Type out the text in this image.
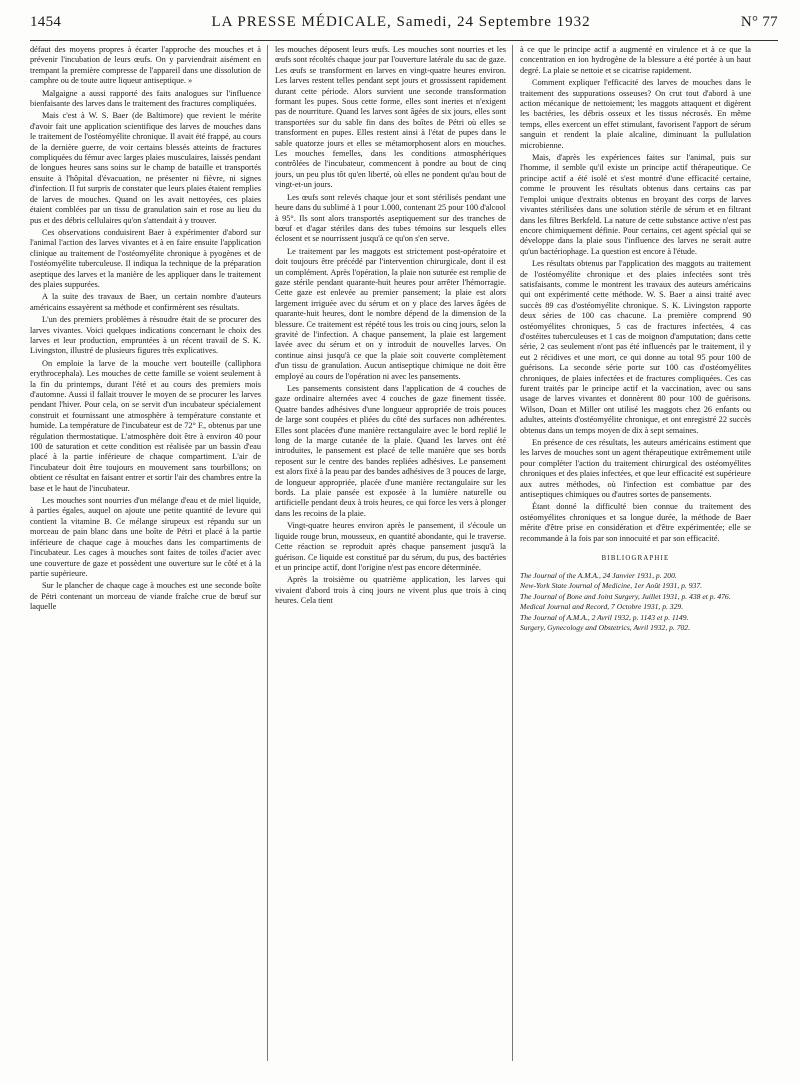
1454	LA PRESSE MÉDICALE, Samedi, 24 Septembre 1932	N° 77

défaut des moyens propres à écarter l'approche des mouches et à prévenir l'incubation de leurs œufs. On y parviendrait aisément en trempant la première compresse de l'appareil dans une dissolution de camphre ou de toute autre liqueur antiseptique. »

Malgaigne a aussi rapporté des faits analogues sur l'influence bienfaisante des larves dans le traitement des fractures compliquées.

Mais c'est à W. S. Baer (de Baltimore) que revient le mérite d'avoir fait une application scientifique des larves de mouches dans le traitement de l'ostéomyélite chronique. Il avait été frappé, au cours de la dernière guerre, de voir certains blessés atteints de fractures compliquées du fémur avec larges plaies musculaires, laissés pendant de longues heures sans soins sur le champ de bataille et transportés ensuite à l'hôpital d'évacuation, ne présenter ni fièvre, ni signes d'infection. Il fut surpris de constater que leurs plaies étaient remplies de larves de mouches. Quand on les avait nettoyées, ces plaies étaient comblées par un tissu de granulation sain et rose au lieu du pus et des débris cellulaires qu'on s'attendait à y trouver.

Ces observations conduisirent Baer à expérimenter d'abord sur l'animal l'action des larves vivantes et à en faire ensuite l'application clinique au traitement de l'ostéomyélite chronique à pyogènes et de l'ostéomyélite tuberculeuse. Il indiqua la technique de la préparation aseptique des larves et la manière de les appliquer dans le traitement des plaies suppurées.

A la suite des travaux de Baer, un certain nombre d'auteurs américains essayèrent sa méthode et confirmèrent ses résultats.

L'un des premiers problèmes à résoudre était de se procurer des larves vivantes. Voici quelques indications concernant le choix des larves et leur production, empruntées à un récent travail de S. K. Livingston, illustré de plusieurs figures très explicatives.

On emploie la larve de la mouche vert bouteille (calliphora erythrocephala). Les mouches de cette famille se voient seulement à la fin du printemps, durant l'été et au cours des premiers mois d'automne. Aussi il fallait trouver le moyen de se procurer les larves pendant l'hiver. Pour cela, on se servit d'un incubateur spécialement construit et fournissant une atmosphère à température constante et humide. La température de l'incubateur est de 72° F., obtenus par une régulation thermostatique. L'atmosphère doit être à environ 40 pour 100 de saturation et cette condition est réalisée par un bassin d'eau placé à la partie inférieure de chaque compartiment. L'air de l'incubateur doit être toujours en mouvement sans tourbillons; on obtient ce résultat en faisant entrer et sortir l'air des chambres entre la base et le haut de l'incubateur.

Les mouches sont nourries d'un mélange d'eau et de miel liquide, à parties égales, auquel on ajoute une petite quantité de levure qui contient la vitamine B. Ce mélange sirupeux est répandu sur un morceau de pain blanc dans une boîte de Pétri et placé à la partie inférieure de chaque cage à mouches dans les compartiments de l'incubateur. Les cages à mouches sont faites de toiles d'acier avec une couverture de gaze et possèdent une ouverture sur le côté et à la partie supérieure.

Sur le plancher de chaque cage à mouches est une seconde boîte de Pétri contenant un morceau de viande fraîche crue de bœuf sur laquelle

les mouches déposent leurs œufs. Les mouches sont nourries et les œufs sont récoltés chaque jour par l'ouverture latérale du sac de gaze. Les œufs se transforment en larves en vingt-quatre heures environ. Les larves restent telles pendant sept jours et grossissent rapidement durant cette période. Alors survient une seconde transformation formant les pupes. Sous cette forme, elles sont inertes et n'exigent pas de nourriture. Quand les larves sont âgées de six jours, elles sont transportées sur du sable fin dans des boîtes de Pétri où elles se transforment en pupes. Elles restent ainsi à l'état de pupes dans le sable quatorze jours et elles se métamorphosent alors en mouches. Les mouches femelles, dans les conditions atmosphériques contrôlées de l'incubateur, commencent à pondre au bout de cinq jours, un peu plus tôt qu'en liberté, où elles ne pondent qu'au bout de vingt-et-un jours.

Les œufs sont relevés chaque jour et sont stérilisés pendant une heure dans du sublimé à 1 pour 1.000, contenant 25 pour 100 d'alcool à 95°. Ils sont alors transportés aseptiquement sur des tranches de bœuf et d'agar stériles dans des tubes témoins sur lesquels elles éclosent et se nourrissent jusqu'à ce qu'on s'en serve.

Le traitement par les maggots est strictement post-opératoire et doit toujours être précédé par l'intervention chirurgicale, dont il est un complément. Après l'opération, la plaie non suturée est remplie de gaze stérile pendant quarante-huit heures pour arrêter l'hémorragie. Cette gaze est enlevée au premier pansement; la plaie est alors largement irriguée avec du sérum et on y place des larves âgées de quarante-huit heures, dont le nombre dépend de la dimension de la blessure. Ce traitement est répété tous les trois ou cinq jours, selon la gravité de l'infection. A chaque pansement, la plaie est largement lavée avec du sérum et on y introduit de nouvelles larves. On continue ainsi jusqu'à ce que la plaie soit couverte complètement d'un tissu de granulation. Aucun antiseptique chimique ne doit être employé au cours de l'opération ni avec les pansements.

Les pansements consistent dans l'application de 4 couches de gaze ordinaire alternées avec 4 couches de gaze finement tissée. Quatre bandes adhésives d'une longueur appropriée de trois pouces de large sont coupées et pliées du côté des surfaces non adhérentes. Elles sont placées d'une manière rectangulaire avec le bord replié le long de la marge cutanée de la plaie. Quand les larves ont été introduites, le pansement est placé de telle manière que ses bords reposent sur le centre des bandes repliées adhésives. Le pansement est alors fixé à la peau par des bandes adhésives de 3 pouces de large, de longueur appropriée, placée d'une manière rectangulaire sur les bords. La plaie pansée est exposée à la lumière naturelle ou artificielle pendant deux à trois heures, ce qui force les vers à plonger dans les recoins de la plaie.

Vingt-quatre heures environ après le pansement, il s'écoule un liquide rouge brun, mousseux, en quantité abondante, qui le traverse. Cette réaction se reproduit après chaque pansement jusqu'à la guérison. Ce liquide est constitué par du sérum, du pus, des bactéries et un principe actif, dont l'origine n'est pas encore déterminée.

Après la troisième ou quatrième application, les larves qui vivaient d'abord trois à cinq jours ne vivent plus que trois à cinq heures. Cela tient

à ce que le principe actif a augmenté en virulence et à ce que la concentration en ion hydrogène de la blessure a été portée à un haut degré. La plaie se nettoie et se cicatrise rapidement.

Comment expliquer l'efficacité des larves de mouches dans le traitement des suppurations osseuses? On crut tout d'abord à une action mécanique de nettoiement; les maggots attaquent et digèrent les bactéries, les débris osseux et les tissus nécrosés. En même temps, elles exercent un effet stimulant, favorisent l'apport de sérum sanguin et rendent la plaie alcaline, diminuant la pullulation microbienne.

Mais, d'après les expériences faites sur l'animal, puis sur l'homme, il semble qu'il existe un principe actif thérapeutique. Ce principe actif a été isolé et s'est montré d'une efficacité certaine, comme le prouvent les résultats obtenus dans certains cas par l'emploi unique d'extraits obtenus en broyant des corps de larves vivantes stérilisées dans une solution stérile de sérum et en filtrant dans les filtres Berkfeld. La nature de cette substance active n'est pas encore chimiquement définie. Pour certains, cet agent spécial qui se développe dans la plaie sous l'influence des larves ne serait autre qu'un bactériophage. La question est encore à l'étude.

Les résultats obtenus par l'application des maggots au traitement de l'ostéomyélite chronique et des plaies infectées sont très satisfaisants, comme le montrent les travaux des auteurs américains qui ont expérimenté cette méthode. W. S. Baer a ainsi traité avec succès 89 cas d'ostéomyélite chronique. S. K. Livingston rapporte deux séries de 100 cas chacune. La première comprend 90 ostéomyélites chroniques, 5 cas de fractures infectées, 4 cas d'ostéites tuberculeuses et 1 cas de moignon d'amputation; dans cette série, 2 cas seulement n'ont pas été influencés par le traitement, il y eut 2 récidives et une mort, ce qui donne au total 95 pour 100 de guérisons. La seconde série porte sur 100 cas d'ostéomyélites chroniques, de plaies infectées et de fractures compliquées. Ces cas furent traités par le principe actif et la vaccination, avec ou sans usage de larves vivantes et donnèrent 80 pour 100 de guérisons. Wilson, Doan et Miller ont utilisé les maggots chez 26 enfants ou adultes, atteints d'ostéomyélite chronique, et ont enregistré 22 succès obtenus dans un temps moyen de dix à sept semaines.

En présence de ces résultats, les auteurs américains estiment que les larves de mouches sont un agent thérapeutique extrêmement utile pour compléter l'action du traitement chirurgical des ostéomyélites chroniques et des plaies infectées, et que leur efficacité est supérieure aux autres méthodes, où l'infection est combattue par des antiseptiques chimiques ou d'autres sortes de pansements.

Étant donné la difficulté bien connue du traitement des ostéomyélites chroniques et sa longue durée, la méthode de Baer mérite d'être prise en considération et d'être expérimentée; elle se recommande à la fois par son innocuité et par son efficacité.

BIBLIOGRAPHIE
The Journal of the A.M.A., 24 Janvier 1931, p. 200.
New-York State Journal of Medicine, 1er Août 1931, p. 937.
The Journal of Bone and Joint Surgery, Juillet 1931, p. 438 et p. 476.
Medical Journal and Record, 7 Octobre 1931, p. 329.
The Journal of A.M.A., 2 Avril 1932, p. 1143 et p. 1149.
Surgery, Gynecology and Obstetrics, Avril 1932, p. 702.
